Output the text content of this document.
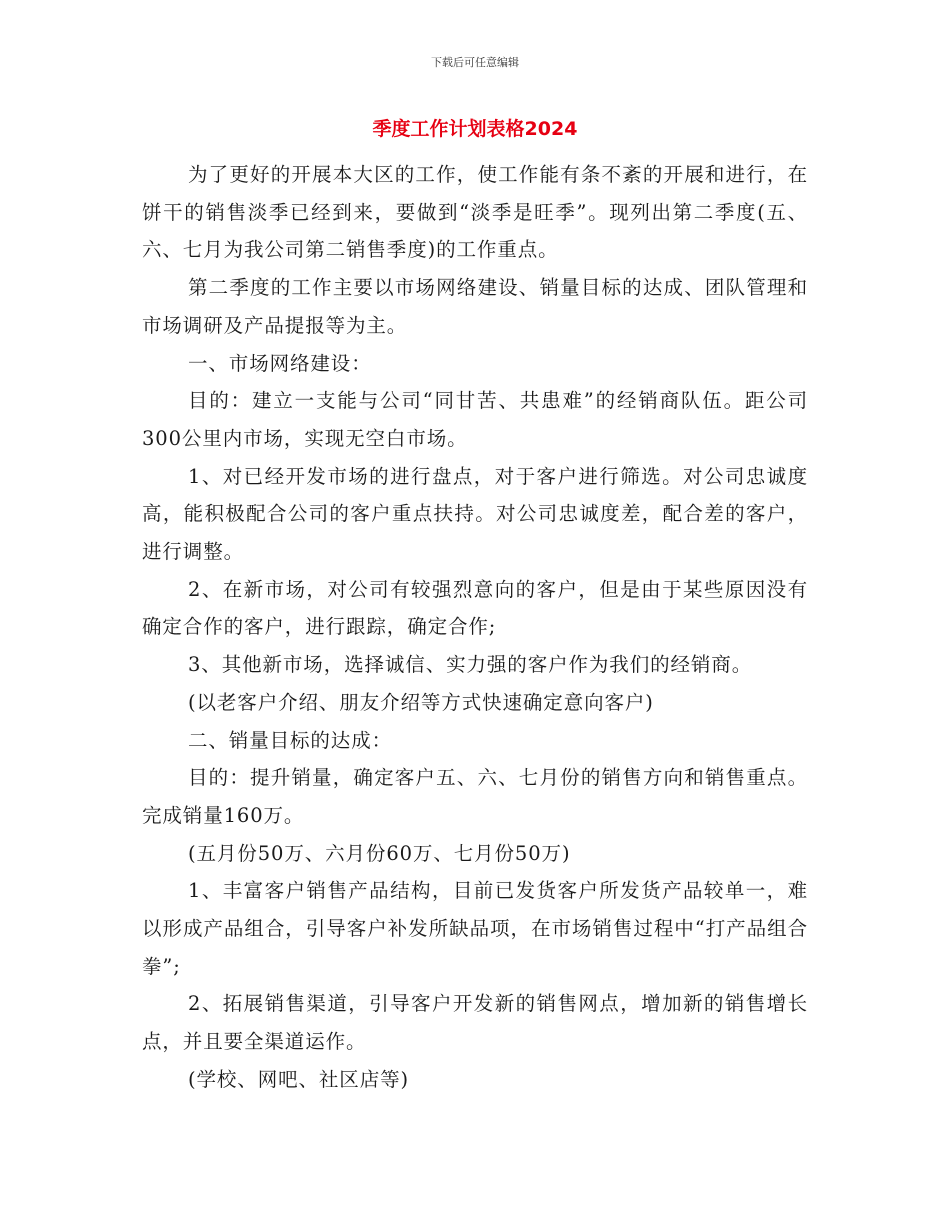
下载后可任意编辑
季度工作计划表格2024

为了更好的开展本大区的工作，使工作能有条不紊的开展和进行，在饼干的销售淡季已经到来，要做到“淡季是旺季”。现列出第二季度(五、六、七月为我公司第二销售季度)的工作重点。

第二季度的工作主要以市场网络建设、销量目标的达成、团队管理和市场调研及产品提报等为主。

一、市场网络建设：

目的：建立一支能与公司“同甘苦、共患难”的经销商队伍。距公司300公里内市场，实现无空白市场。

1、对已经开发市场的进行盘点，对于客户进行筛选。对公司忠诚度高，能积极配合公司的客户重点扶持。对公司忠诚度差，配合差的客户，进行调整。

2、在新市场，对公司有较强烈意向的客户，但是由于某些原因没有确定合作的客户，进行跟踪，确定合作;

3、其他新市场，选择诚信、实力强的客户作为我们的经销商。

(以老客户介绍、朋友介绍等方式快速确定意向客户)

二、销量目标的达成：

目的：提升销量，确定客户五、六、七月份的销售方向和销售重点。完成销量160万。

(五月份50万、六月份60万、七月份50万)

1、丰富客户销售产品结构，目前已发货客户所发货产品较单一，难以形成产品组合，引导客户补发所缺品项，在市场销售过程中“打产品组合拳”;

2、拓展销售渠道，引导客户开发新的销售网点，增加新的销售增长点，并且要全渠道运作。

(学校、网吧、社区店等)
